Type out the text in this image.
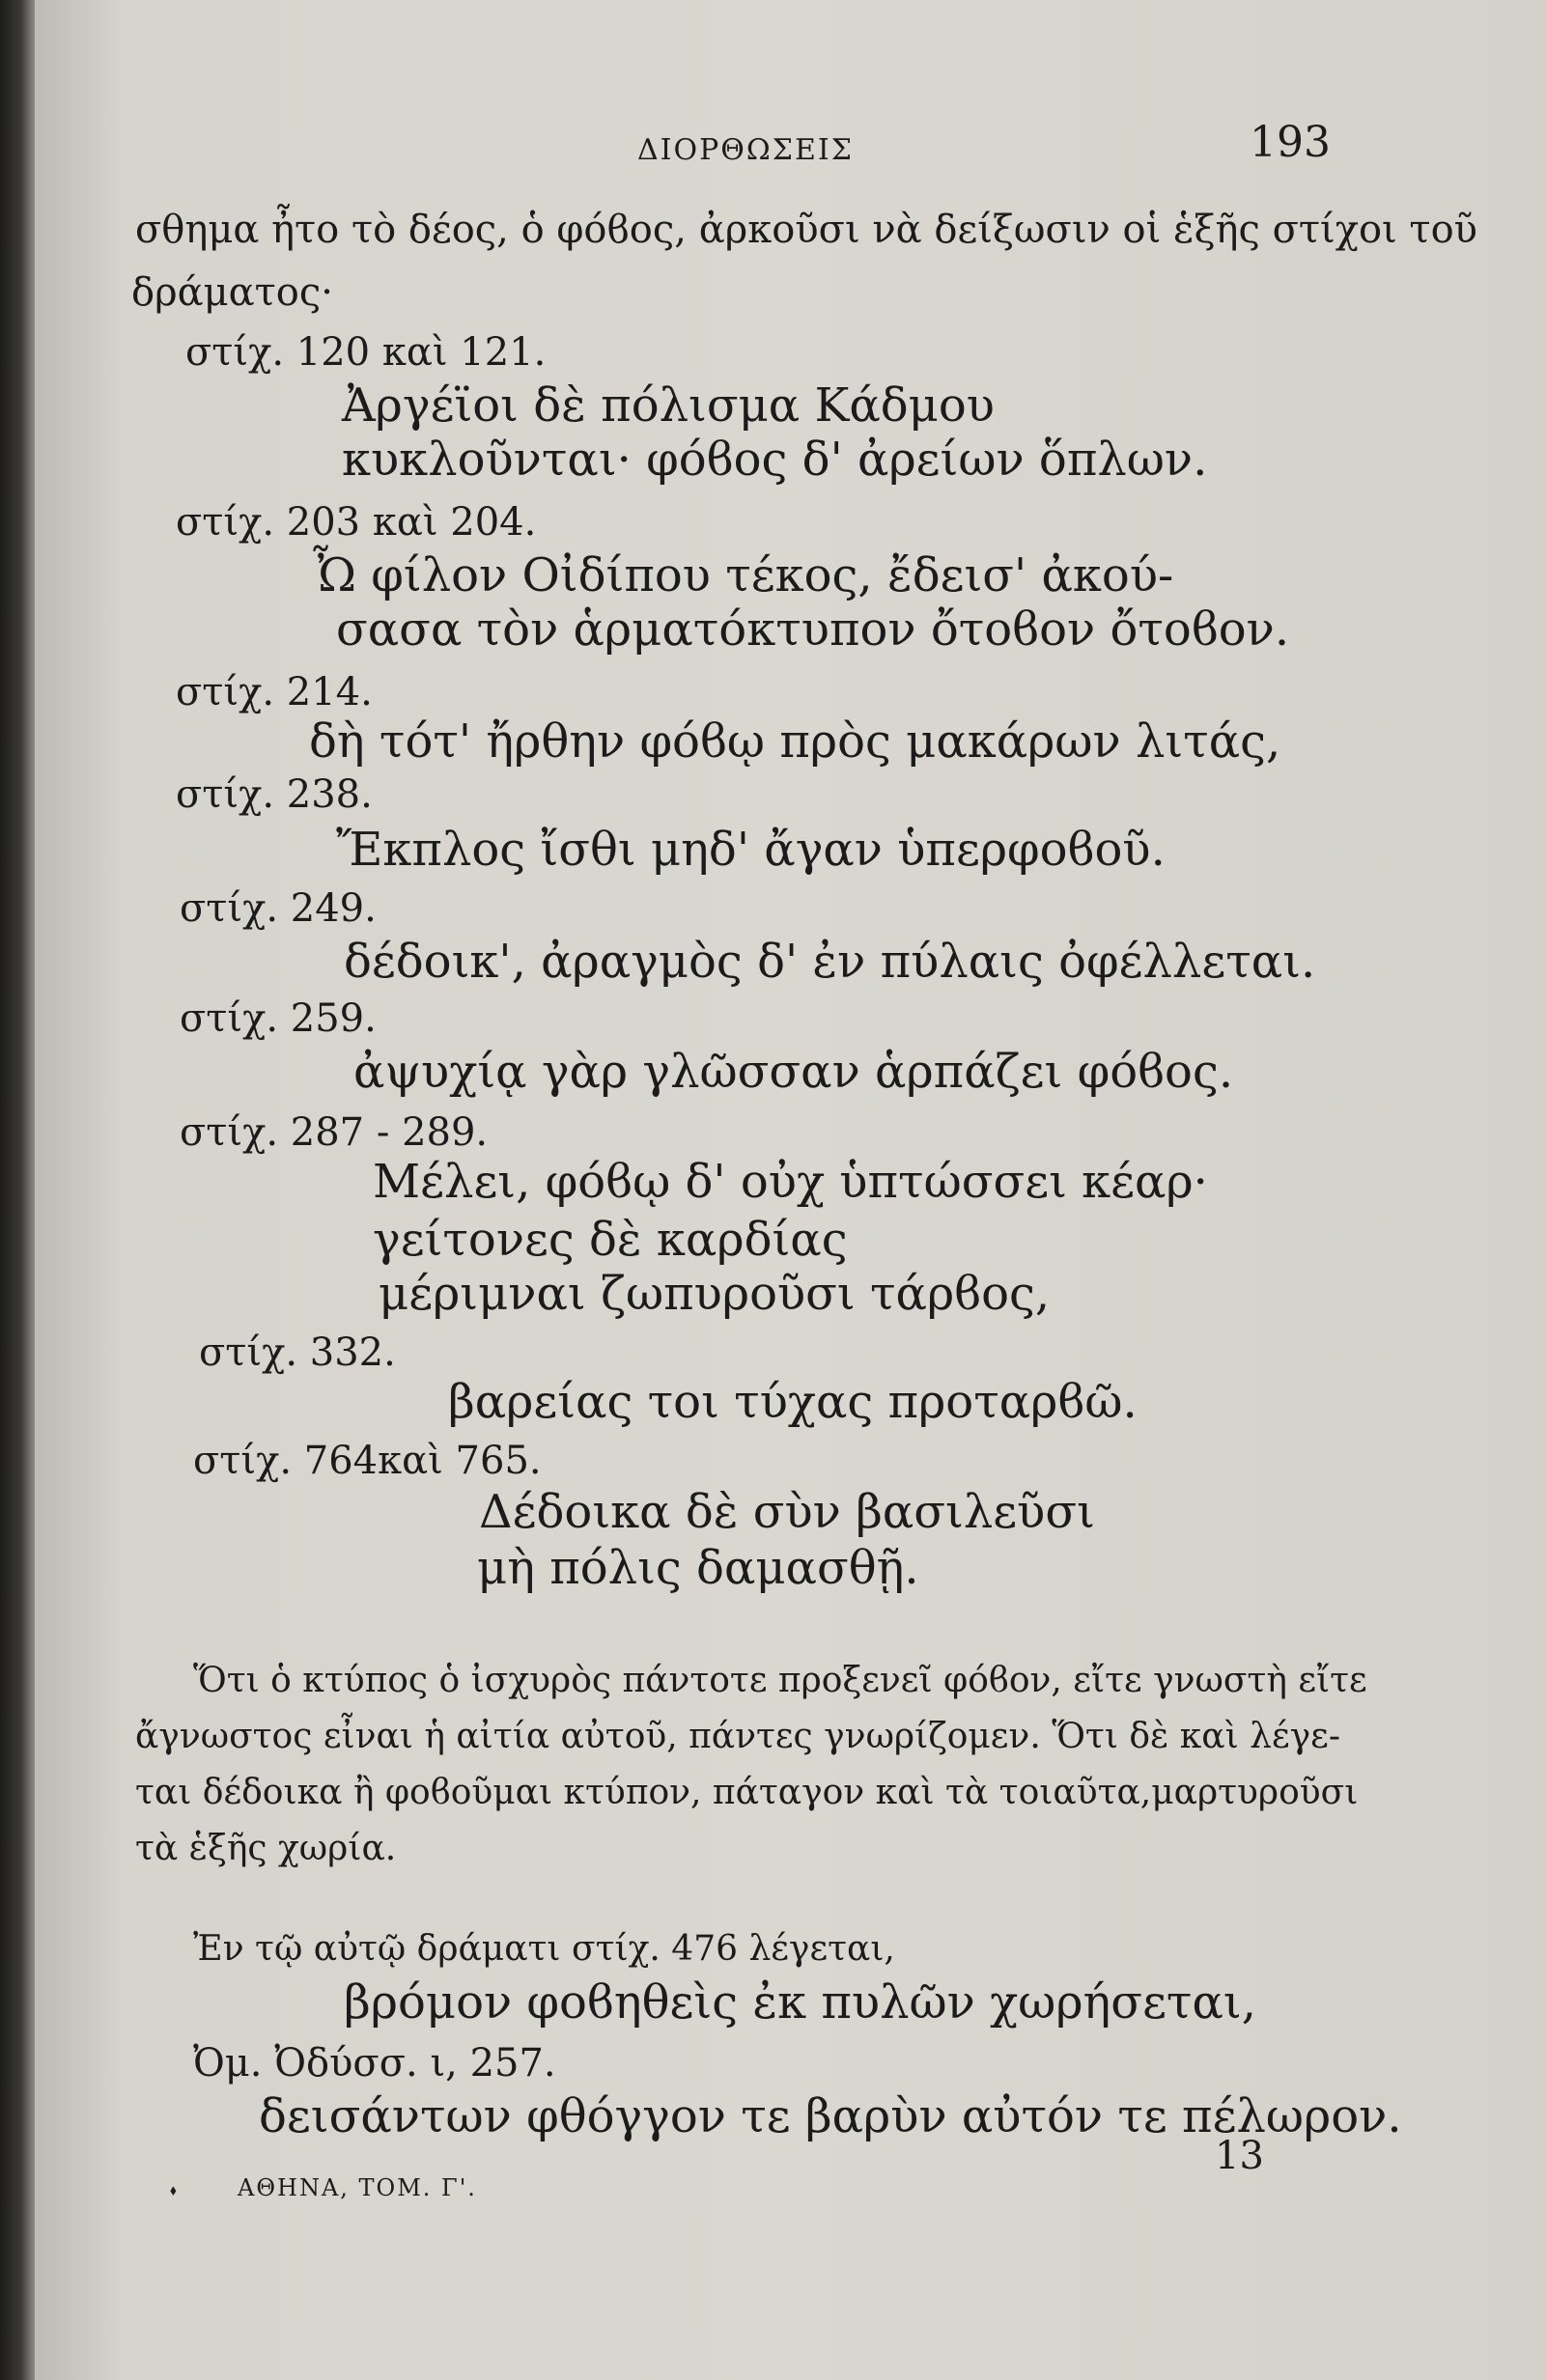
ΔΙΟΡΘΩΣΕΙΣ	193
σθημα ἦτο τὸ δέος, ὁ φόϐος, ἀρκοῦσι νὰ δείξωσιν οἱ ἑξῆς στίχοι τοῦ
δράματος·
στίχ. 120 καὶ 121.
Ἀργέϊοι δὲ πόλισμα Κάδμου
κυκλοῦνται· φόϐος δ' ἀρείων ὅπλων.
στίχ. 203 καὶ 204.
Ὦ φίλον Οἰδίπου τέκος, ἔδεισ' ἀκού-
σασα τὸν ἁρματόκτυπον ὄτοϐον ὄτοϐον.
στίχ. 214.
δὴ τότ' ἤρθην φόϐῳ πρὸς μακάρων λιτάς,
στίχ. 238.
Ἔκπλος ἴσθι μηδ' ἄγαν ὑπερφοϐοῦ.
στίχ. 249.
δέδοικ', ἀραγμὸς δ' ἐν πύλαις ὀφέλλεται.
στίχ. 259.
ἀψυχίᾳ γὰρ γλῶσσαν ἁρπάζει φόϐος.
στίχ. 287 - 289.
Μέλει, φόϐῳ δ' οὐχ ὑπτώσσει κέαρ·
γείτονες δὲ καρδίας
μέριμναι ζωπυροῦσι τάρϐος,
στίχ. 332.
βαρείας τοι τύχας προταρϐῶ.
στίχ. 764καὶ 765.
Δέδοικα δὲ σὺν βασιλεῦσι
μὴ πόλις δαμασθῇ.
Ὅτι ὁ κτύπος ὁ ἰσχυρὸς πάντοτε προξενεῖ φόϐον, εἴτε γνωστὴ εἴτε
ἄγνωστος εἶναι ἡ αἰτία αὐτοῦ, πάντες γνωρίζομεν. Ὅτι δὲ καὶ λέγε-
ται δέδοικα ἢ φοϐοῦμαι κτύπον, πάταγον καὶ τὰ τοιαῦτα,μαρτυροῦσι
τὰ ἑξῆς χωρία.
Ἐν τῷ αὐτῷ δράματι στίχ. 476 λέγεται,
βρόμον φοϐηθεὶς ἐκ πυλῶν χωρήσεται,
Ὀμ. Ὀδύσσ. ι, 257.
δεισάντων φθόγγον τε βαρὺν αὐτόν τε πέλωρον.
⬪	ΑΘΗΝΑ, ΤΟΜ. Γ'.
13
